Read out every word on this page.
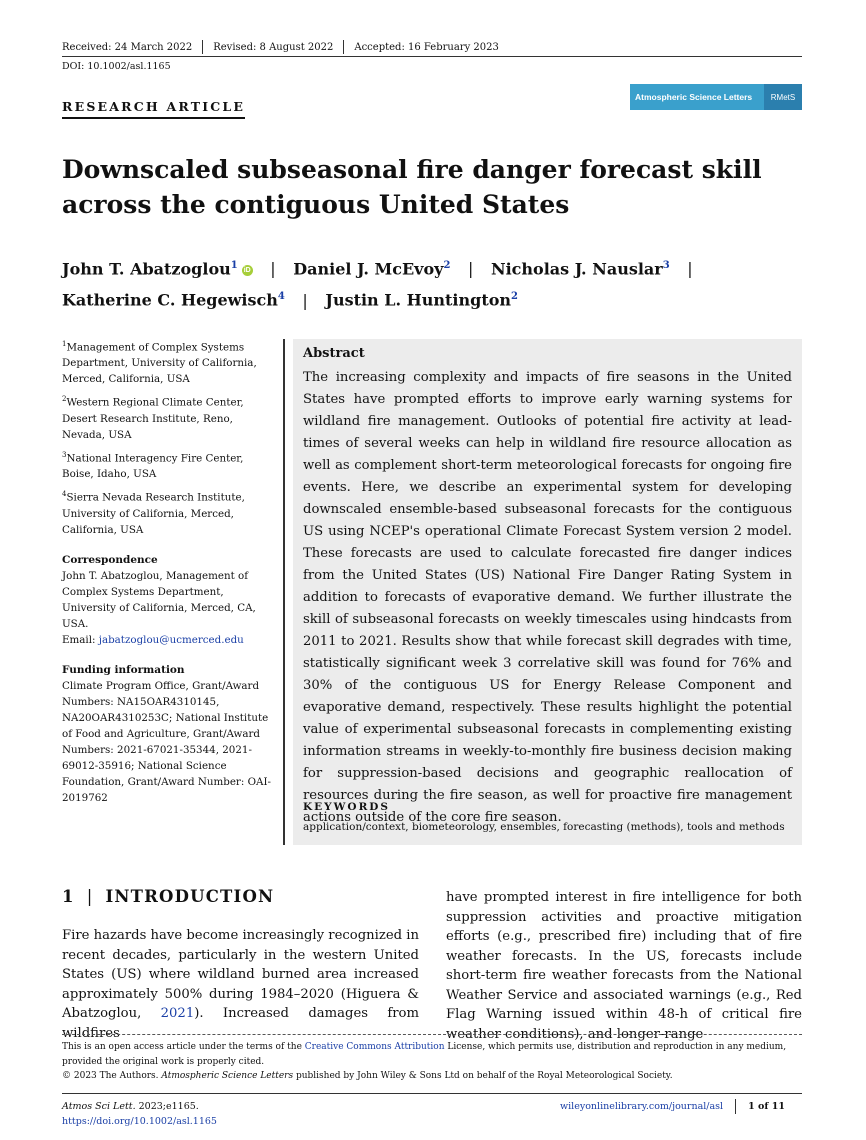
Received: 24 March 2022 Revised: 8 August 2022 Accepted: 16 February 2023
DOI: 10.1002/asl.1165
RESEARCH ARTICLE
Atmospheric Science Letters	RMetS
Downscaled subseasonal fire danger forecast skill across the contiguous United States
John T. Abatzoglou$^1$ iD | Daniel J. McEvoy$^2$ | Nicholas J. Nauslar$^3$ |
Katherine C. Hegewisch$^4$ | Justin L. Huntington$^2$

$^1$Management of Complex Systems Department, University of California, Merced, California, USA

$^2$Western Regional Climate Center, Desert Research Institute, Reno, Nevada, USA

$^3$National Interagency Fire Center, Boise, Idaho, USA

$^4$Sierra Nevada Research Institute, University of California, Merced, California, USA

Correspondence

John T. Abatzoglou, Management of Complex Systems Department, University of California, Merced, CA, USA.
Email: jabatzoglou@ucmerced.edu

Funding information

Climate Program Office, Grant/Award Numbers: NA15OAR4310145, NA20OAR4310253C; National Institute of Food and Agriculture, Grant/Award Numbers: 2021-67021-35344, 2021-69012-35916; National Science Foundation, Grant/Award Number: OAI-2019762

Abstract
The increasing complexity and impacts of fire seasons in the United States have prompted efforts to improve early warning systems for wildland fire management. Outlooks of potential fire activity at lead-times of several weeks can help in wildland fire resource allocation as well as complement short-term meteorological forecasts for ongoing fire events. Here, we describe an experimental system for developing downscaled ensemble-based subseasonal forecasts for the contiguous US using NCEP's operational Climate Forecast System version 2 model. These forecasts are used to calculate forecasted fire danger indices from the United States (US) National Fire Danger Rating System in addition to forecasts of evaporative demand. We further illustrate the skill of subseasonal forecasts on weekly timescales using hindcasts from 2011 to 2021. Results show that while forecast skill degrades with time, statistically significant week 3 correlative skill was found for 76% and 30% of the contiguous US for Energy Release Component and evaporative demand, respectively. These results highlight the potential value of experimental subseasonal forecasts in complementing existing information streams in weekly-to-monthly fire business decision making for suppression-based decisions and geographic reallocation of resources during the fire season, as well for proactive fire management actions outside of the core fire season.
KEYWORDS
application/context, biometeorology, ensembles, forecasting (methods), tools and methods
1 | INTRODUCTION
Fire hazards have become increasingly recognized in recent decades, particularly in the western United States (US) where wildland burned area increased approximately 500% during 1984–2020 (Higuera & Abatzoglou, 2021). Increased damages from wildfires
have prompted interest in fire intelligence for both suppression activities and proactive mitigation efforts (e.g., prescribed fire) including that of fire weather forecasts. In the US, forecasts include short-term fire weather forecasts from the National Weather Service and associated warnings (e.g., Red Flag Warning issued within 48-h of critical fire weather conditions), and longer-range

This is an open access article under the terms of the Creative Commons Attribution License, which permits use, distribution and reproduction in any medium, provided the original work is properly cited.

© 2023 The Authors. Atmospheric Science Letters published by John Wiley & Sons Ltd on behalf of the Royal Meteorological Society.

Atmos Sci Lett. 2023;e1165.
https://doi.org/10.1002/asl.1165
wileyonlinelibrary.com/journal/asl	1 of 11
